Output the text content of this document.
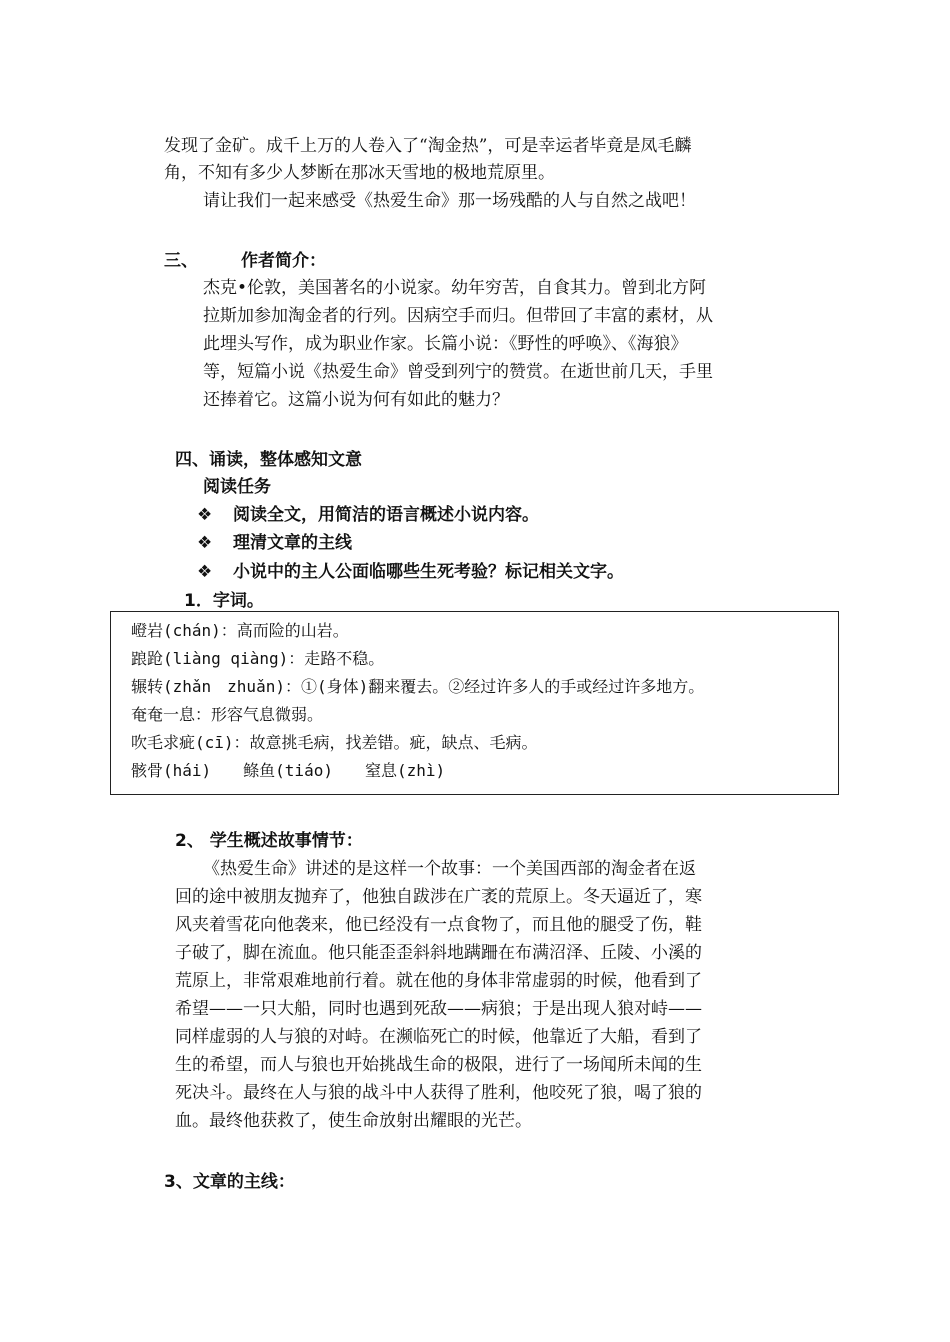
发现了金矿。成千上万的人卷入了“淘金热”，可是幸运者毕竟是凤毛麟
角，不知有多少人梦断在那冰天雪地的极地荒原里。
请让我们一起来感受《热爱生命》那一场残酷的人与自然之战吧！
三、	作者简介：
杰克•伦敦，美国著名的小说家。幼年穷苦，自食其力。曾到北方阿
拉斯加参加淘金者的行列。因病空手而归。但带回了丰富的素材，从
此埋头写作，成为职业作家。长篇小说：《野性的呼唤》、《海狼》
等，短篇小说《热爱生命》曾受到列宁的赞赏。在逝世前几天，手里
还捧着它。这篇小说为何有如此的魅力？
四、诵读，整体感知文意
阅读任务
❖ 阅读全文，用简洁的语言概述小说内容。
❖ 理清文章的主线
❖ 小说中的主人公面临哪些生死考验？标记相关文字。
1．字词。
嶝岩(chán)：高而险的山岩。
踉跄(liàng qiàng)：走路不稳。
辗转(zhǎn　zhuǎn)：①(身体)翻来覆去。②经过许多人的手或经过许多地方。
奄奄一息：形容气息微弱。
吹毛求疵(cī)：故意挑毛病，找差错。疵，缺点、毛病。
骸骨(hái)　　鲦鱼(tiáo)　　窒息(zhì)
2、 学生概述故事情节：
《热爱生命》讲述的是这样一个故事：一个美国西部的淘金者在返
回的途中被朋友抛弃了，他独自跋涉在广袤的荒原上。冬天逼近了，寒
风夹着雪花向他袭来，他已经没有一点食物了，而且他的腿受了伤，鞋
子破了，脚在流血。他只能歪歪斜斜地蹒跚在布满沼泽、丘陵、小溪的
荒原上，非常艰难地前行着。就在他的身体非常虚弱的时候，他看到了
希望——一只大船，同时也遇到死敌——病狼；于是出现人狼对峙——
同样虚弱的人与狼的对峙。在濒临死亡的时候，他靠近了大船，看到了
生的希望，而人与狼也开始挑战生命的极限，进行了一场闻所未闻的生
死决斗。最终在人与狼的战斗中人获得了胜利，他咬死了狼，喝了狼的
血。最终他获救了，使生命放射出耀眼的光芒。
3、文章的主线：
